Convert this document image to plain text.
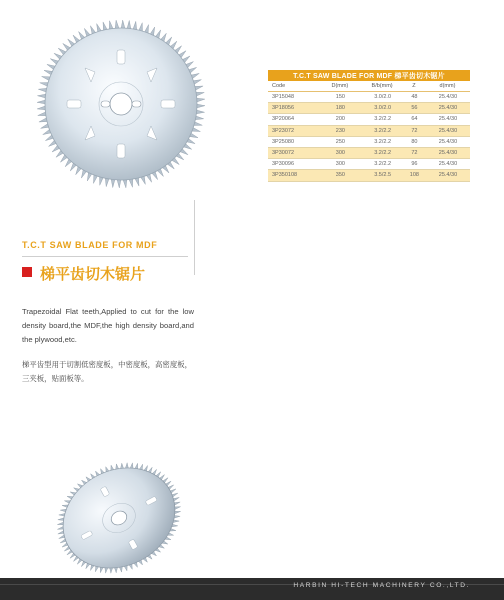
T.C.T SAW BLADE FOR MDF 梯平齿切木锯片				
Code	D(mm)	B/b(mm)	Z	d(mm)
3P15048	150	3.0/2.0	48	25.4/30
3P18056	180	3.0/2.0	56	25.4/30
3P20064	200	3.2/2.2	64	25.4/30
3P23072	230	3.2/2.2	72	25.4/30
3P25080	250	3.2/2.2	80	25.4/30
3P30072	300	3.2/2.2	72	25.4/30
3P30096	300	3.2/2.2	96	25.4/30
3P350108	350	3.5/2.5	108	25.4/30
T.C.T SAW BLADE FOR MDF
梯平齿切木锯片
Trapezoidal Flat teeth,Applied to cut for the low density board,the MDF,the high density board,and the plywood,etc.
梯平齿型用于切割低密度板，中密度板，高密度板，三夹板，贴面板等。
HARBIN HI-TECH MACHINERY CO.,LTD.
